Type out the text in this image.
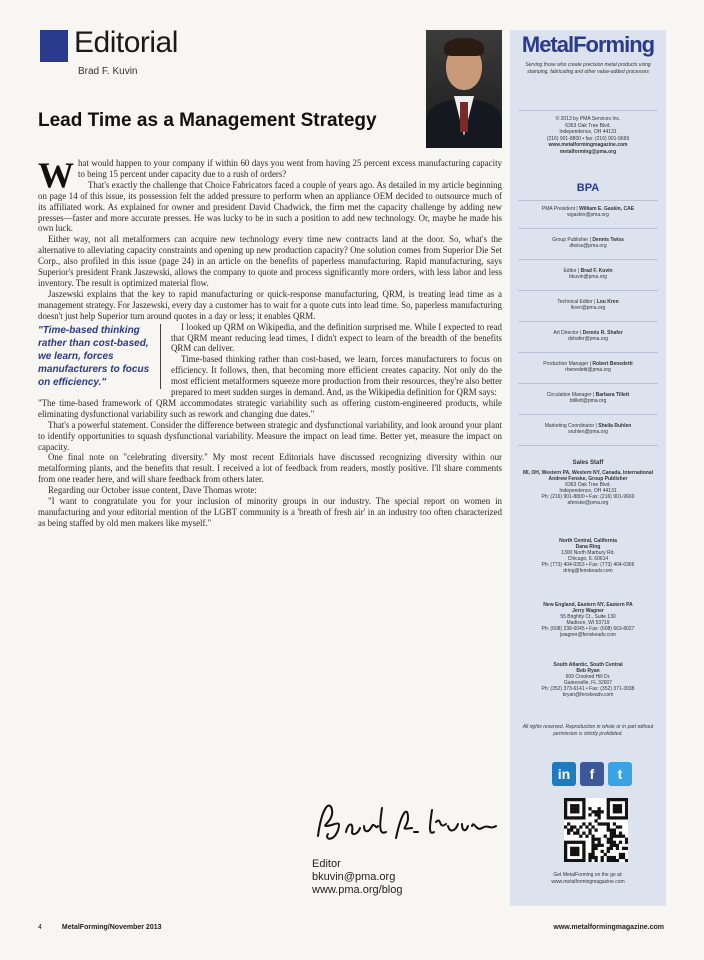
Editorial
Brad F. Kuvin
Lead Time as a Management Strategy

What would happen to your company if within 60 days you went from having 25 percent excess manufacturing capacity to being 15 percent under capacity due to a rush of orders?

That's exactly the challenge that Choice Fabricators faced a couple of years ago. As detailed in my article beginning on page 14 of this issue, its possession felt the added pressure to perform when an appliance OEM decided to outsource much of its affiliated work. As explained for owner and president David Chadwick, the firm met the capacity challenge by adding new presses—faster and more accurate presses. He was lucky to be in such a position to add new technology. Or, maybe he made his own luck.

Either way, not all metalformers can acquire new technology every time new contracts land at the door. So, what's the alternative to alleviating capacity constraints and opening up new production capacity? One solution comes from Superior Die Set Corp., also profiled in this issue (page 24) in an article on the benefits of paperless manufacturing. Rapid manufacturing, says Superior's president Frank Jaszewski, allows the company to quote and process significantly more orders, with less labor and less inventory. The result is optimized material flow.

Jaszewski explains that the key to rapid manufacturing or quick-response manufacturing, QRM, is treating lead time as a management strategy. For Jaszewski, every day a customer has to wait for a quote cuts into lead time. So, paperless manufacturing doesn't just help Superior turn around quotes in a day or less; it enables QRM.

"Time-based thinking rather than cost-based, we learn, forces manufacturers to focus on efficiency."

I looked up QRM on Wikipedia, and the definition surprised me. While I expected to read that QRM meant reducing lead times, I didn't expect to learn of the breadth of the benefits QRM can deliver.

Time-based thinking rather than cost-based, we learn, forces manufacturers to focus on efficiency. It follows, then, that becoming more efficient creates capacity. Not only do the most efficient metalformers squeeze more production from their resources, they're also better prepared to meet sudden surges in demand. And, as the Wikipedia definition for QRM says:

"The time-based framework of QRM accommodates strategic variability such as offering custom-engineered products, while eliminating dysfunctional variability such as rework and changing due dates."

That's a powerful statement. Consider the difference between strategic and dysfunctional variability, and look around your plant to identify opportunities to squash dysfunctional variability. Measure the impact on lead time. Better yet, measure the impact on capacity.

One final note on "celebrating diversity." My most recent Editorials have discussed recognizing diversity within our metalforming plants, and the benefits that result. I received a lot of feedback from readers, mostly positive. I'll share comments from one reader here, and will share feedback from others later.

Regarding our October issue content, Dave Thomas wrote:

"I want to congratulate you for your inclusion of minority groups in our industry. The special report on women in manufacturing and your editorial mention of the LGBT community is a 'breath of fresh air' in an industry too often characterized as being staffed by old men makers like myself."

Editor
bkuvin@pma.org
www.pma.org/blog
4	MetalForming/November 2013	www.metalformingmagazine.com
MetalForming
Serving those who create precision metal products using stamping, fabricating and other value-added processes
© 2013 by PMA Services Inc.
6363 Oak Tree Blvd.
Independence, OH 44131
(216) 901-8800 • fax: (216) 901-9669
www.metalformingmagazine.com
metalforming@pma.org
BPA
PMA President | William E. Gaskin, CAE
wgaskin@pma.org
Group Publisher | Dennis Twiss
dtwiss@pma.org
Editor | Brad F. Kuvin
bkuvin@pma.org
Technical Editor | Lou Kren
lkren@pma.org
Art Director | Dennis R. Shafer
dshafer@pma.org
Production Manager | Robert Benedetti
rbenedetti@pma.org
Circulation Manager | Barbara Tillett
btillett@pma.org
Marketing Coordinator | Sheila Ruhlen
sruhlen@pma.org
Sales Staff
MI, OH, Western PA, Western NY, Canada, International
Andrew Fenske, Group Publisher
6363 Oak Tree Blvd.
Independence, OH 44131
Ph: (216) 901-8800 • Fax: (216) 901-9669
afenske@pma.org
North Central, California
Dana Ring
1300 North Marbury Rd.
Chicago, IL 60614
Ph: (773) 404-0353 • Fax: (773) 404-0366
dring@fenskeadv.com
New England, Eastern NY, Eastern PA
Jerry Wagner
55 Brightly Ct., Suite 130
Madison, WI 53719
Ph: (608) 238-6045 • Fax: (608) 663-8027
jwagner@fenskeadv.com
South Atlantic, South Central
Bob Ryan
609 Crooked Hill Dr.
Gainesville, FL 32607
Ph: (352) 373-6141 • Fax: (352) 371-3038
bryan@fenskeadv.com
All rights reserved. Reproduction in whole or in part without permission is strictly prohibited.
in	f	t
Get MetalForming on the go at:
www.metalformingmagazine.com
